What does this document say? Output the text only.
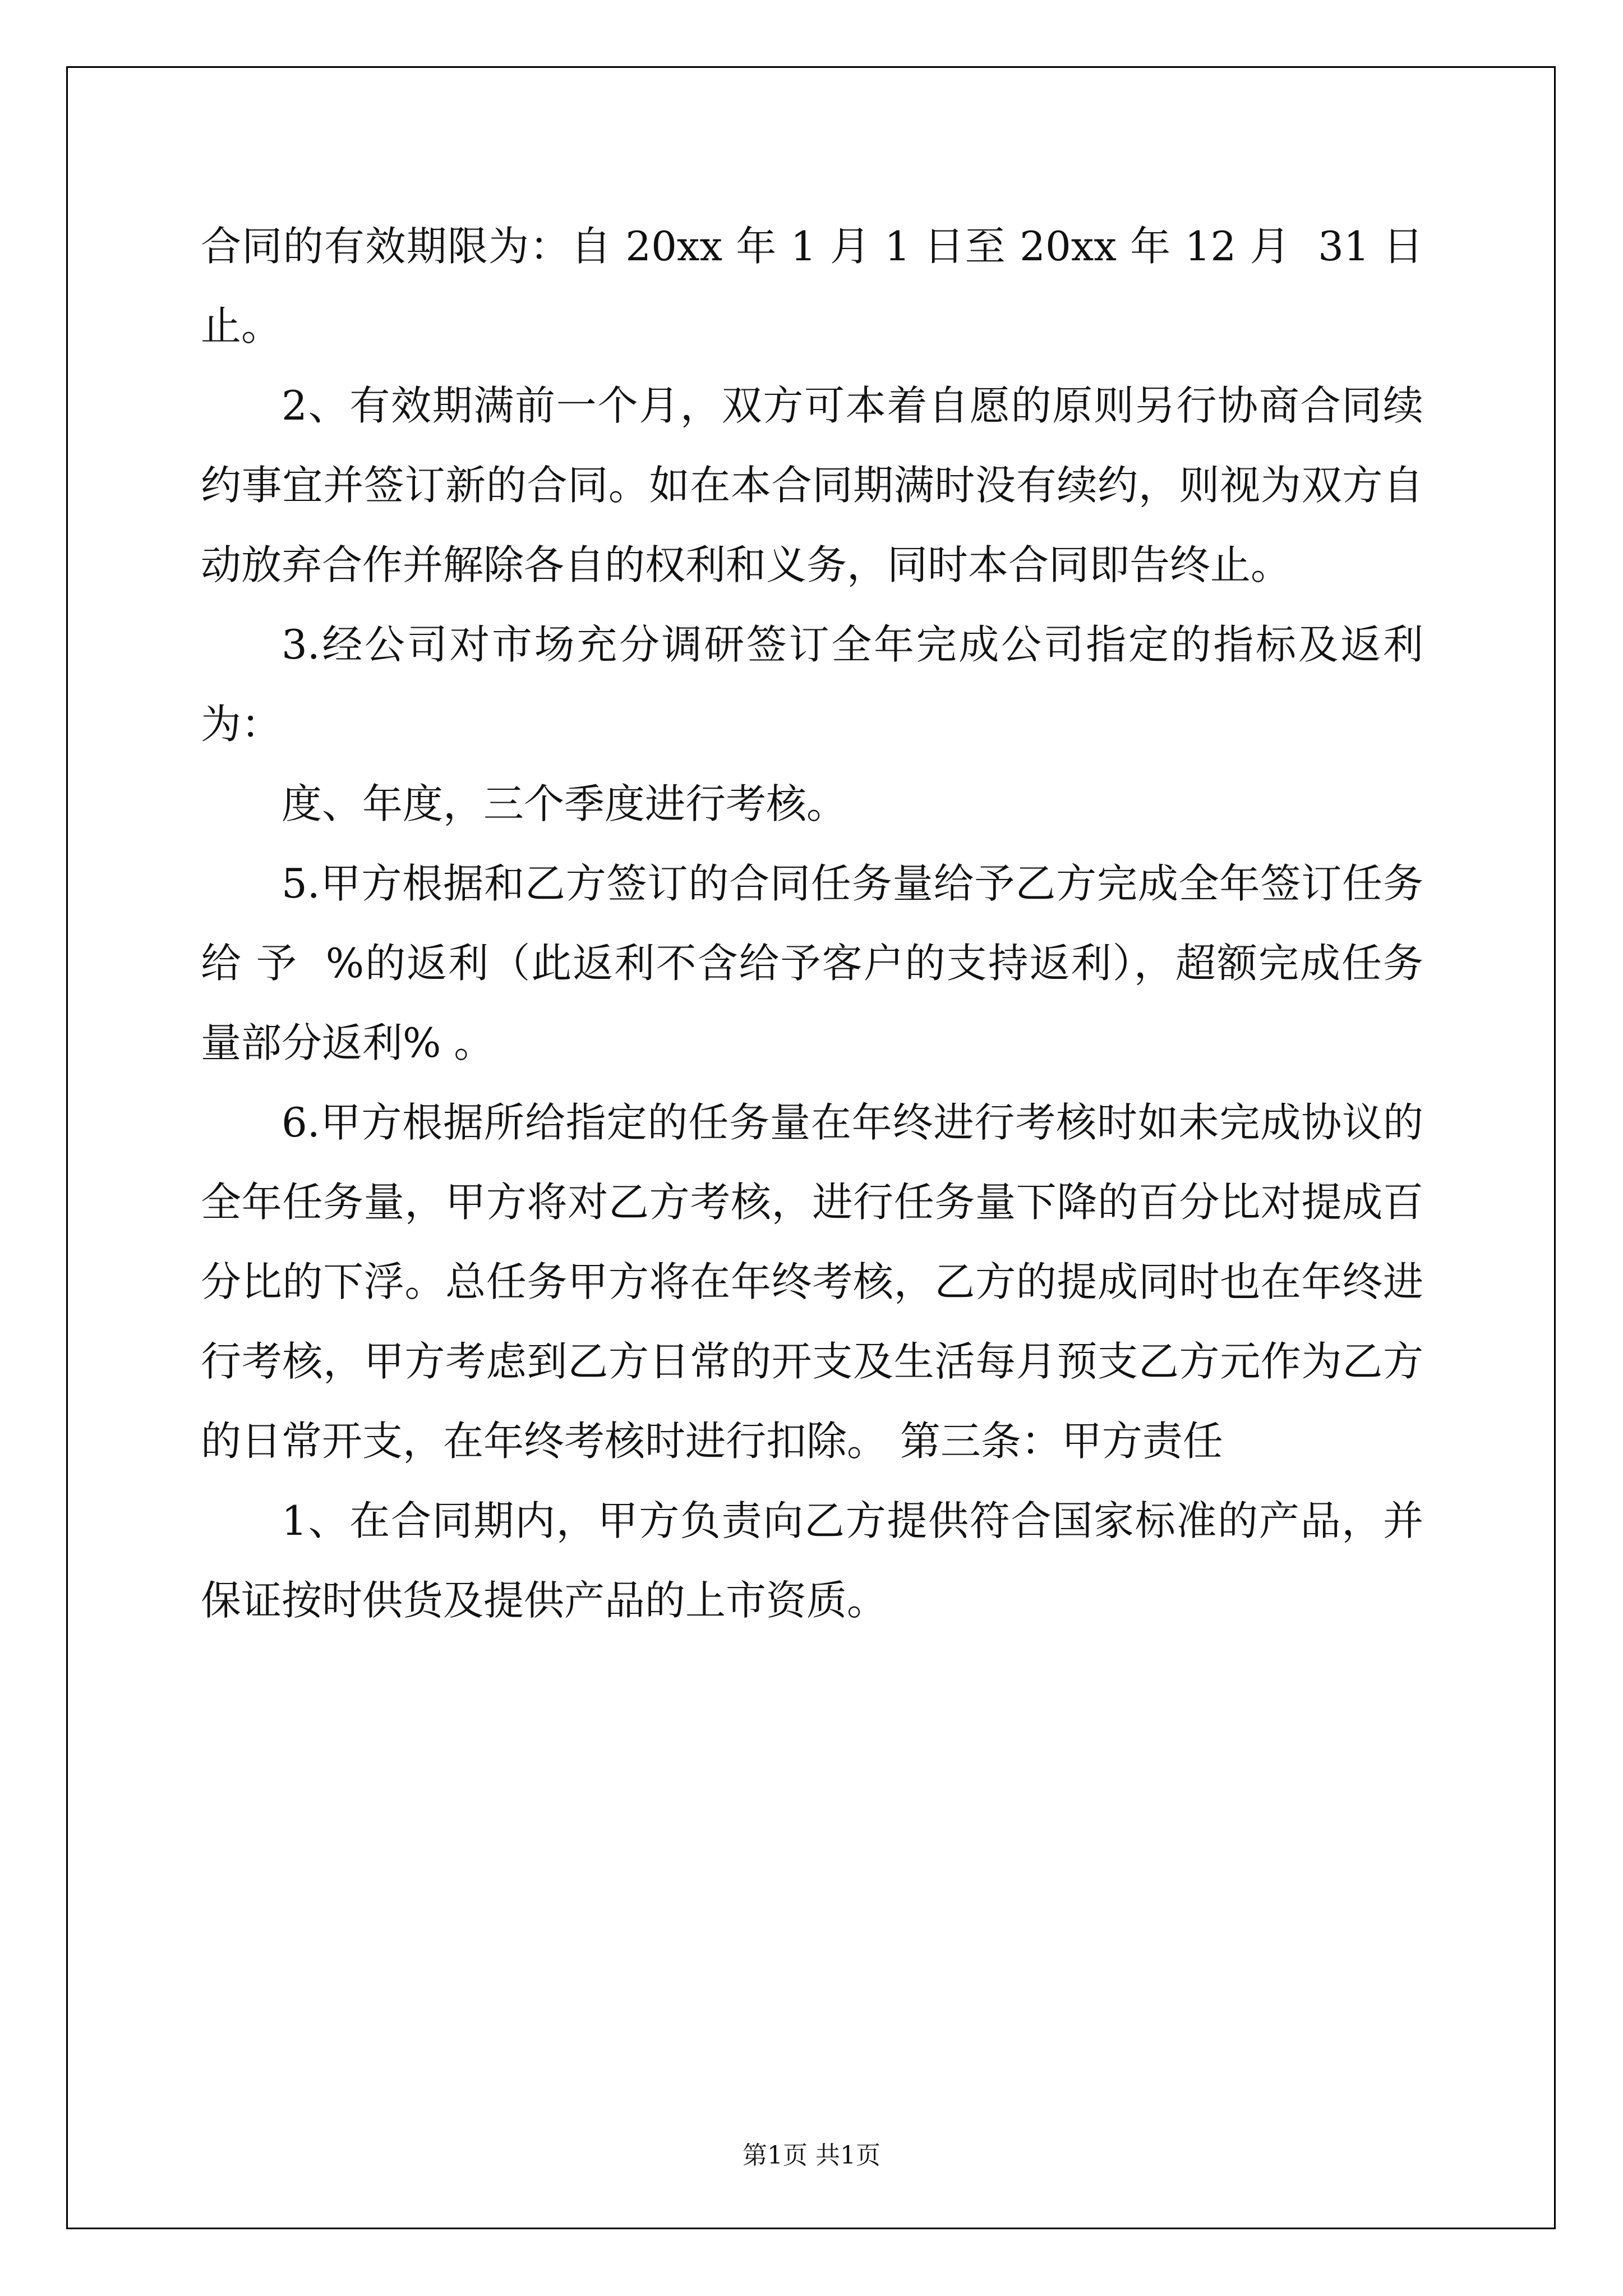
合同的有效期限为：自 20xx 年 1 月 1 日至 20xx 年 12 月  31 日止。

2、有效期满前一个月，双方可本着自愿的原则另行协商合同续约事宜并签订新的合同。如在本合同期满时没有续约，则视为双方自动放弃合作并解除各自的权利和义务，同时本合同即告终止。

3.经公司对市场充分调研签订全年完成公司指定的指标及返利为：

度、年度，三个季度进行考核。

5.甲方根据和乙方签订的合同任务量给予乙方完成全年签订任务给 予  %的返利（此返利不含给予客户的支持返利），超额完成任务量部分返利% 。

6.甲方根据所给指定的任务量在年终进行考核时如未完成协议的全年任务量，甲方将对乙方考核，进行任务量下降的百分比对提成百分比的下浮。总任务甲方将在年终考核，乙方的提成同时也在年终进行考核，甲方考虑到乙方日常的开支及生活每月预支乙方元作为乙方的日常开支，在年终考核时进行扣除。 第三条：甲方责任

1、在合同期内，甲方负责向乙方提供符合国家标准的产品，并保证按时供货及提供产品的上市资质。

第1页 共1页
